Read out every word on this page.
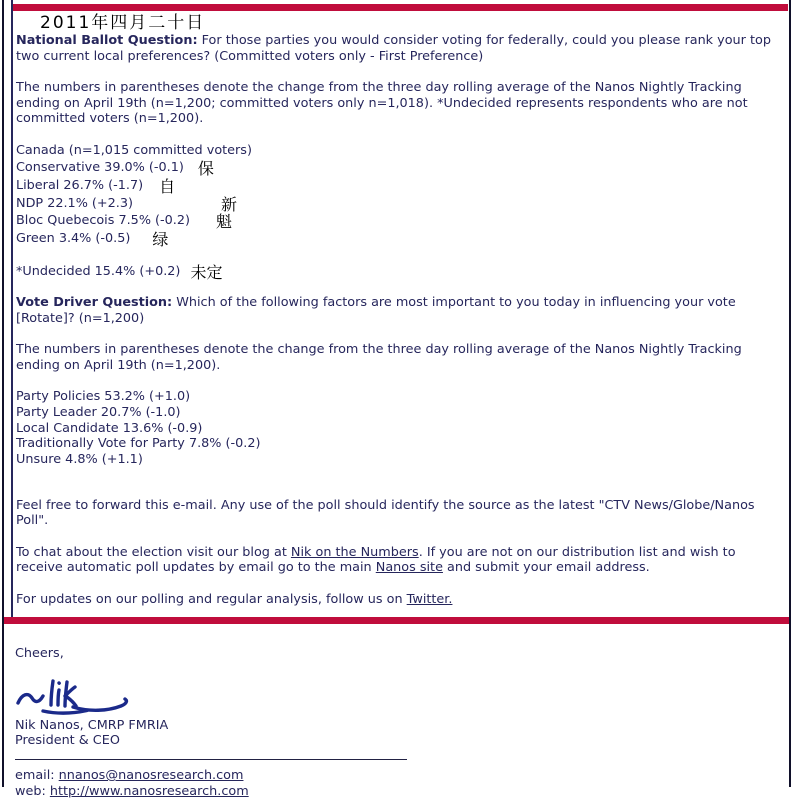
2011年四月二十日

National Ballot Question: For those parties you would consider voting for federally, could you please rank your top two current local preferences? (Committed voters only - First Preference)

The numbers in parentheses denote the change from the three day rolling average of the Nanos Nightly Tracking ending on April 19th (n=1,200; committed voters only n=1,018). *Undecided represents respondents who are not committed voters (n=1,200).

Canada (n=1,015 committed voters)
Conservative 39.0% (-0.1) 保
Liberal 26.7% (-1.7) 自
NDP 22.1% (+2.3)	新
Bloc Quebecois 7.5% (-0.2) 魁
Green 3.4% (-0.5) 绿

*Undecided 15.4% (+0.2) 未定

Vote Driver Question: Which of the following factors are most important to you today in influencing your vote [Rotate]? (n=1,200)

The numbers in parentheses denote the change from the three day rolling average of the Nanos Nightly Tracking ending on April 19th (n=1,200).

Party Policies 53.2% (+1.0)
Party Leader 20.7% (-1.0)
Local Candidate 13.6% (-0.9)
Traditionally Vote for Party 7.8% (-0.2)
Unsure 4.8% (+1.1)

Feel free to forward this e-mail. Any use of the poll should identify the source as the latest "CTV News/Globe/Nanos Poll".

To chat about the election visit our blog at Nik on the Numbers. If you are not on our distribution list and wish to receive automatic poll updates by email go to the main Nanos site and submit your email address.

For updates on our polling and regular analysis, follow us on Twitter.

Cheers,

Nik Nanos, CMRP FMRIA

President & CEO

email: nnanos@nanosresearch.com

web: http://www.nanosresearch.com
